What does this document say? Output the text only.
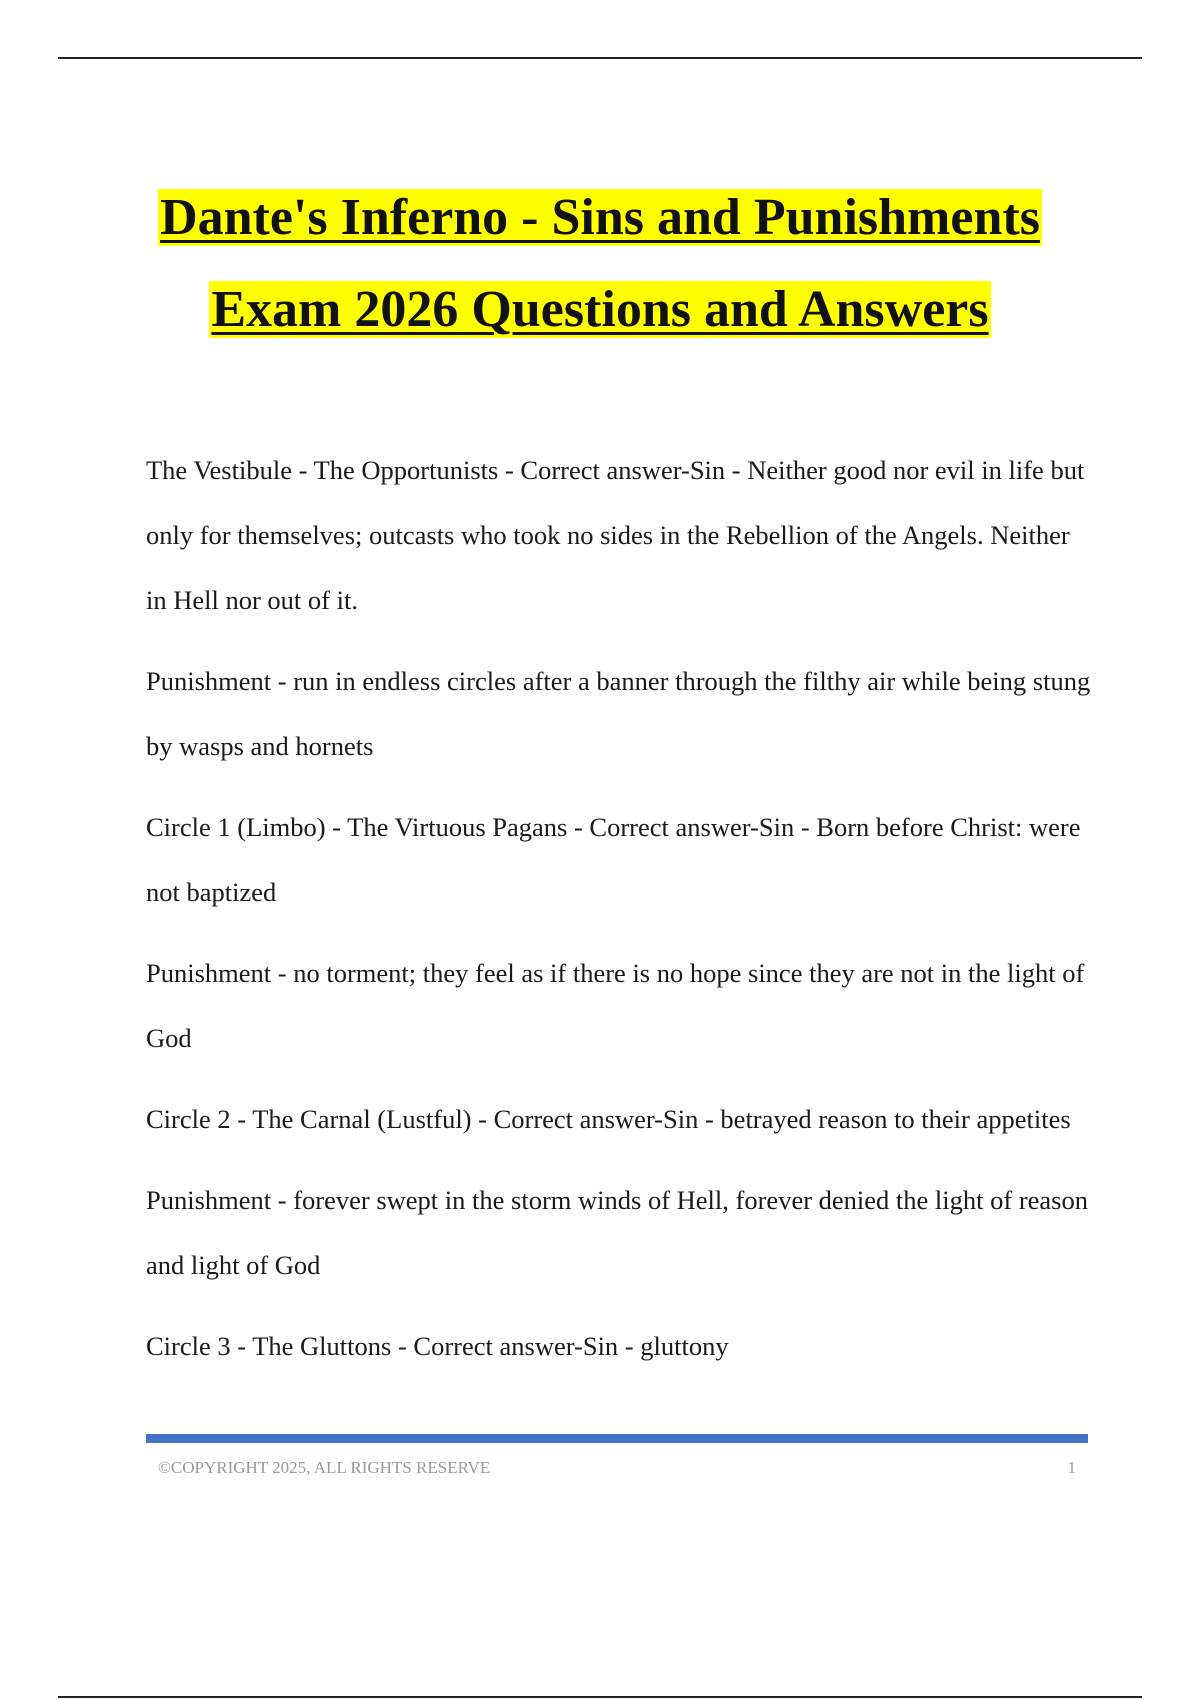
Dante's Inferno - Sins and Punishments
Exam 2026 Questions and Answers

The Vestibule - The Opportunists - Correct answer-Sin - Neither good nor evil in life but only for themselves; outcasts who took no sides in the Rebellion of the Angels. Neither in Hell nor out of it.

Punishment - run in endless circles after a banner through the filthy air while being stung by wasps and hornets

Circle 1 (Limbo) - The Virtuous Pagans - Correct answer-Sin - Born before Christ: were not baptized

Punishment - no torment; they feel as if there is no hope since they are not in the light of God

Circle 2 - The Carnal (Lustful) - Correct answer-Sin - betrayed reason to their appetites

Punishment - forever swept in the storm winds of Hell, forever denied the light of reason and light of God

Circle 3 - The Gluttons - Correct answer-Sin - gluttony

©COPYRIGHT 2025, ALL RIGHTS RESERVE	1
